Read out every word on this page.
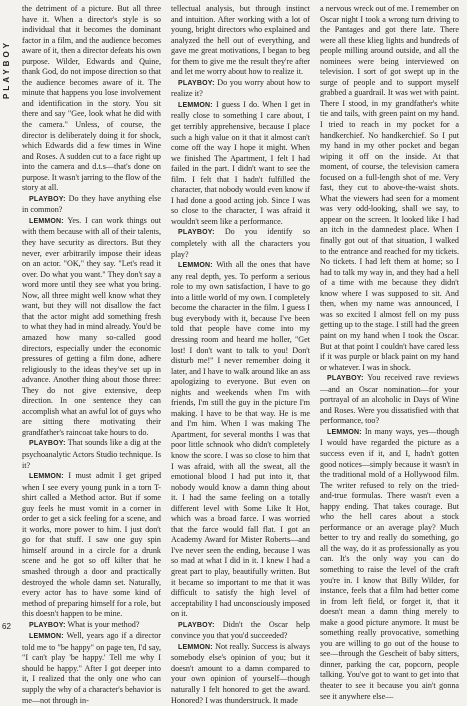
PLAYBOY
62

the detriment of a picture. But all three have it. When a director's style is so individual that it becomes the dominant factor in a film, and the audience becomes aware of it, then a director defeats his own purpose. Wilder, Edwards and Quine, thank God, do not impose direction so that the audience becomes aware of it. The minute that happens you lose involvement and identification in the story. You sit there and say "Gee, look what he did with the camera." Unless, of course, the director is deliberately doing it for shock, which Edwards did a few times in Wine and Roses. A sudden cut to a face right up into the camera and d.t.s—that's done on purpose. It wasn't jarring to the flow of the story at all.

PLAYBOY: Do they have anything else in common?

LEMMON: Yes. I can work things out with them because with all of their talents, they have security as directors. But they never, ever arbitrarily impose their ideas on an actor. "OK," they say. "Let's read it over. Do what you want." They don't say a word more until they see what you bring. Now, all three might well know what they want, but they will not disallow the fact that the actor might add something fresh to what they had in mind already. You'd be amazed how many so-called good directors, especially under the economic pressures of getting a film done, adhere religiously to the ideas they've set up in advance. Another thing about those three: They do not give extensive, deep direction. In one sentence they can accomplish what an awful lot of guys who are sitting there motivating their grandfather's raincoat take hours to do.

PLAYBOY: That sounds like a dig at the psychoanalytic Actors Studio technique. Is it?

LEMMON: I must admit I get griped when I see every young punk in a torn T-shirt called a Method actor. But if some guy feels he must vomit in a corner in order to get a sick feeling for a scene, and it works, more power to him. I just don't go for that stuff. I saw one guy spin himself around in a circle for a drunk scene and he got so off kilter that he smashed through a door and practically destroyed the whole damn set. Naturally, every actor has to have some kind of method of preparing himself for a role, but this doesn't happen to be mine.

PLAYBOY: What is your method?

LEMMON: Well, years ago if a director told me to "be happy" on page ten, I'd say, "I can't play 'be happy.' Tell me why I should be happy." After I got deeper into it, I realized that the only one who can supply the why of a character's behavior is me—not through in-

tellectual analysis, but through instinct and intuition. After working with a lot of young, bright directors who explained and analyzed the hell out of everything, and gave me great motivations, I began to beg for them to give me the result they're after and let me worry about how to realize it.

PLAYBOY: Do you worry about how to realize it?

LEMMON: I guess I do. When I get in really close to something I care about, I get terribly apprehensive, because I place such a high value on it that it almost can't come off the way I hope it might. When we finished The Apartment, I felt I had failed in the part. I didn't want to see the film. I felt that I hadn't fulfilled the character, that nobody would even know if I had done a good acting job. Since I was so close to the character, I was afraid it wouldn't seem like a performance.

PLAYBOY: Do you identify so completely with all the characters you play?

LEMMON: With all the ones that have any real depth, yes. To perform a serious role to my own satisfaction, I have to go into a little world of my own. I completely become the character in the film. I guess I bug everybody with it, because I've been told that people have come into my dressing room and heard me holler, "Get lost! I don't want to talk to you! Don't disturb me!" I never remember doing it later, and I have to walk around like an ass apologizing to everyone. But even on nights and weekends when I'm with friends, I'm still the guy in the picture I'm making. I have to be that way. He is me and I'm him. When I was making The Apartment, for several months I was that poor little schnook who didn't completely know the score. I was so close to him that I was afraid, with all the sweat, all the emotional blood I had put into it, that nobody would know a damn thing about it. I had the same feeling on a totally different level with Some Like It Hot, which was a broad farce. I was worried that the farce would fall flat. I got an Academy Award for Mister Roberts—and I've never seen the ending, because I was so mad at what I did in it. I knew I had a great part to play, beautifully written. But it became so important to me that it was difficult to satisfy the high level of acceptability I had unconsciously imposed on it.

PLAYBOY: Didn't the Oscar help convince you that you'd succeeded?

LEMMON: Not really. Success is always somebody else's opinion of you; but it doesn't amount to a damn compared to your own opinion of yourself—though naturally I felt honored to get the award. Honored? I was thunderstruck. It made

a nervous wreck out of me. I remember on Oscar night I took a wrong turn driving to the Pantages and got there late. There were all these klieg lights and hundreds of people milling around outside, and all the nominees were being interviewed on television. I sort of got swept up in the surge of people and to support myself grabbed a guardrail. It was wet with paint. There I stood, in my grandfather's white tie and tails, with green paint on my hand. I tried to reach in my pocket for a handkerchief. No handkerchief. So I put my hand in my other pocket and began wiping it off on the inside. At that moment, of course, the television camera focused on a full-length shot of me. Very fast, they cut to above-the-waist shots. What the viewers had seen for a moment was very odd-looking, shall we say, to appear on the screen. It looked like I had an itch in the damnedest place. When I finally got out of that situation, I walked to the entrance and reached for my tickets. No tickets. I had left them at home; so I had to talk my way in, and they had a hell of a time with me because they didn't know where I was supposed to sit. And then, when my name was announced, I was so excited I almost fell on my puss getting up to the stage. I still had the green paint on my hand when I took the Oscar. But at that point I couldn't have cared less if it was purple or black paint on my hand or whatever. I was in shock.

PLAYBOY: You received rave reviews—and an Oscar nomination—for your portrayal of an alcoholic in Days of Wine and Roses. Were you dissatisfied with that performance, too?

LEMMON: In many ways, yes—though I would have regarded the picture as a success even if it, and I, hadn't gotten good notices—simply because it wasn't in the traditional mold of a Hollywood film. The writer refused to rely on the tried-and-true formulas. There wasn't even a happy ending. That takes courage. But who the hell cares about a stock performance or an average play? Much better to try and really do something, go all the way, do it as professionally as you can. It's the only way you can do something to raise the level of the craft you're in. I know that Billy Wilder, for instance, feels that a film had better come in from left field, or forget it, that it doesn't mean a damn thing merely to make a good picture anymore. It must be something really provocative, something you are willing to go out of the house to see—through the Gescheit of baby sitters, dinner, parking the car, popcorn, people talking. You've got to want to get into that theater to see it because you ain't gonna see it anywhere else—
